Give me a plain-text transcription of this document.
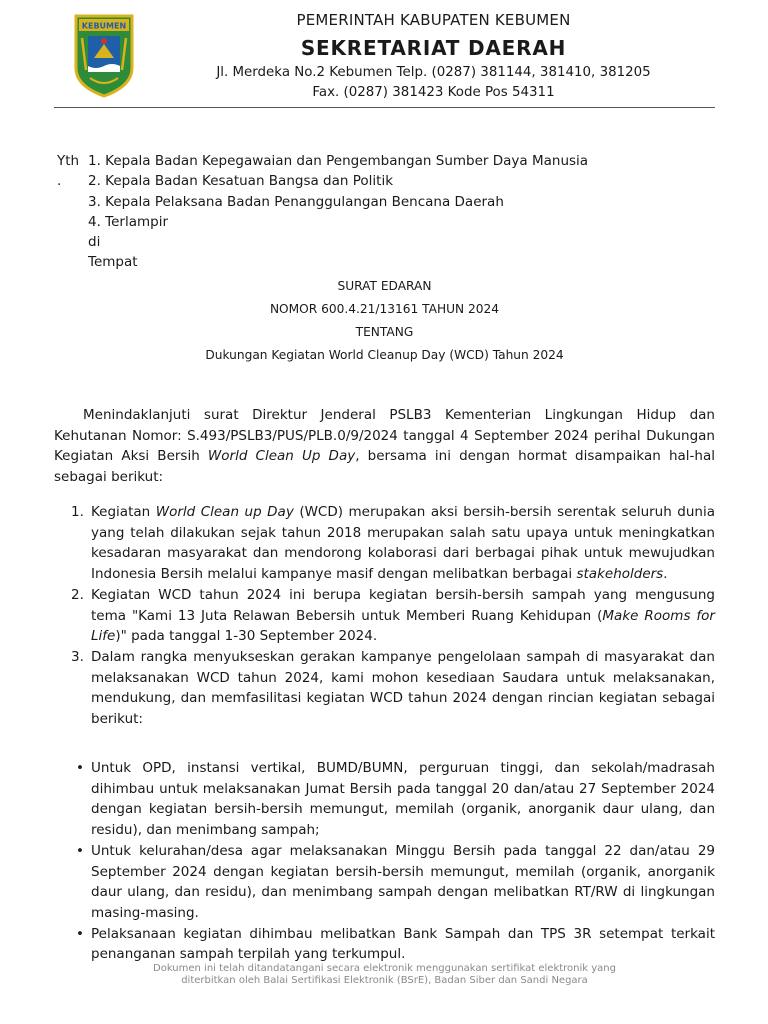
KEBUMEN	PEMERINTAH KABUPATEN KEBUMEN
SEKRETARIAT DAERAH
Jl. Merdeka No.2 Kebumen Telp. (0287) 381144, 381410, 381205
Fax. (0287) 381423 Kode Pos 54311
Yth
.
1. Kepala Badan Kepegawaian dan Pengembangan Sumber Daya Manusia
2. Kepala Badan Kesatuan Bangsa dan Politik
3. Kepala Pelaksana Badan Penanggulangan Bencana Daerah
4. Terlampir
di
Tempat
SURAT EDARAN
NOMOR 600.4.21/13161 TAHUN 2024
TENTANG
Dukungan Kegiatan World Cleanup Day (WCD) Tahun 2024

Menindaklanjuti surat Direktur Jenderal PSLB3 Kementerian Lingkungan Hidup dan Kehutanan Nomor: S.493/PSLB3/PUS/PLB.0/9/2024 tanggal 4 September 2024 perihal Dukungan Kegiatan Aksi Bersih World Clean Up Day, bersama ini dengan hormat disampaikan hal-hal sebagai berikut:

1. Kegiatan World Clean up Day (WCD) merupakan aksi bersih-bersih serentak seluruh dunia yang telah dilakukan sejak tahun 2018 merupakan salah satu upaya untuk meningkatkan kesadaran masyarakat dan mendorong kolaborasi dari berbagai pihak untuk mewujudkan Indonesia Bersih melalui kampanye masif dengan melibatkan berbagai stakeholders.
2. Kegiatan WCD tahun 2024 ini berupa kegiatan bersih-bersih sampah yang mengusung tema "Kami 13 Juta Relawan Bebersih untuk Memberi Ruang Kehidupan (Make Rooms for Life)" pada tanggal 1-30 September 2024.
3. Dalam rangka menyukseskan gerakan kampanye pengelolaan sampah di masyarakat dan melaksanakan WCD tahun 2024, kami mohon kesediaan Saudara untuk melaksanakan, mendukung, dan memfasilitasi kegiatan WCD tahun 2024 dengan rincian kegiatan sebagai berikut:
• Untuk OPD, instansi vertikal, BUMD/BUMN, perguruan tinggi, dan sekolah/madrasah dihimbau untuk melaksanakan Jumat Bersih pada tanggal 20 dan/atau 27 September 2024 dengan kegiatan bersih-bersih memungut, memilah (organik, anorganik daur ulang, dan residu), dan menimbang sampah;
• Untuk kelurahan/desa agar melaksanakan Minggu Bersih pada tanggal 22 dan/atau 29 September 2024 dengan kegiatan bersih-bersih memungut, memilah (organik, anorganik daur ulang, dan residu), dan menimbang sampah dengan melibatkan RT/RW di lingkungan masing-masing.
• Pelaksanaan kegiatan dihimbau melibatkan Bank Sampah dan TPS 3R setempat terkait penanganan sampah terpilah yang terkumpul.
Dokumen ini telah ditandatangani secara elektronik menggunakan sertifikat elektronik yang
diterbitkan oleh Balai Sertifikasi Elektronik (BSrE), Badan Siber dan Sandi Negara
